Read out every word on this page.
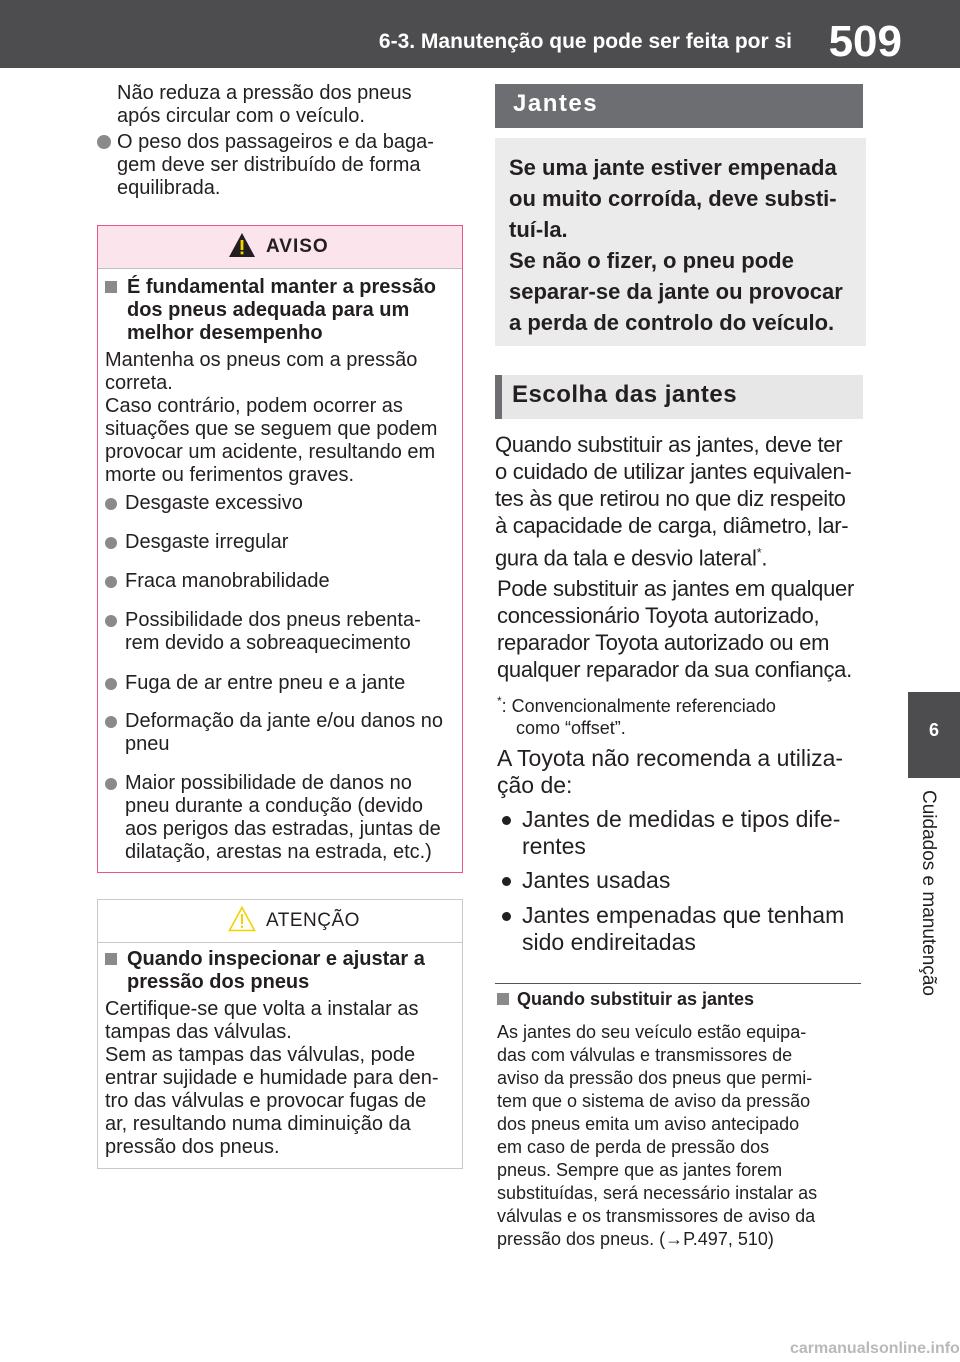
6-3. Manutenção que pode ser feita por si 509
6
Cuidados e manutenção
Não reduza a pressão dos pneus
após circular com o veículo.
O peso dos passageiros e da baga-
gem deve ser distribuído de forma
equilibrada.
AVISO
É fundamental manter a pressão
dos pneus adequada para um
melhor desempenho
Mantenha os pneus com a pressão
correta.
Caso contrário, podem ocorrer as
situações que se seguem que podem
provocar um acidente, resultando em
morte ou ferimentos graves.
Desgaste excessivo
Desgaste irregular
Fraca manobrabilidade
Possibilidade dos pneus rebenta-
rem devido a sobreaquecimento
Fuga de ar entre pneu e a jante
Deformação da jante e/ou danos no
pneu
Maior possibilidade de danos no
pneu durante a condução (devido
aos perigos das estradas, juntas de
dilatação, arestas na estrada, etc.)
ATENÇÃO
Quando inspecionar e ajustar a
pressão dos pneus
Certifique-se que volta a instalar as
tampas das válvulas.
Sem as tampas das válvulas, pode
entrar sujidade e humidade para den-
tro das válvulas e provocar fugas de
ar, resultando numa diminuição da
pressão dos pneus.
Jantes
Se uma jante estiver empenada
ou muito corroída, deve substi-
tuí-la.
Se não o fizer, o pneu pode
separar-se da jante ou provocar
a perda de controlo do veículo.
Escolha das jantes
Quando substituir as jantes, deve ter
o cuidado de utilizar jantes equivalen-
tes às que retirou no que diz respeito
à capacidade de carga, diâmetro, lar-
gura da tala e desvio lateral*.
Pode substituir as jantes em qualquer
concessionário Toyota autorizado,
reparador Toyota autorizado ou em
qualquer reparador da sua confiança.
*: Convencionalmente referenciado
como “offset”.
A Toyota não recomenda a utiliza-
ção de:
Jantes de medidas e tipos dife-
rentes
Jantes usadas
Jantes empenadas que tenham
sido endireitadas
Quando substituir as jantes
As jantes do seu veículo estão equipa-
das com válvulas e transmissores de
aviso da pressão dos pneus que permi-
tem que o sistema de aviso da pressão
dos pneus emita um aviso antecipado
em caso de perda de pressão dos
pneus. Sempre que as jantes forem
substituídas, será necessário instalar as
válvulas e os transmissores de aviso da
pressão dos pneus. (→P.497, 510)
carmanualsonline.info
